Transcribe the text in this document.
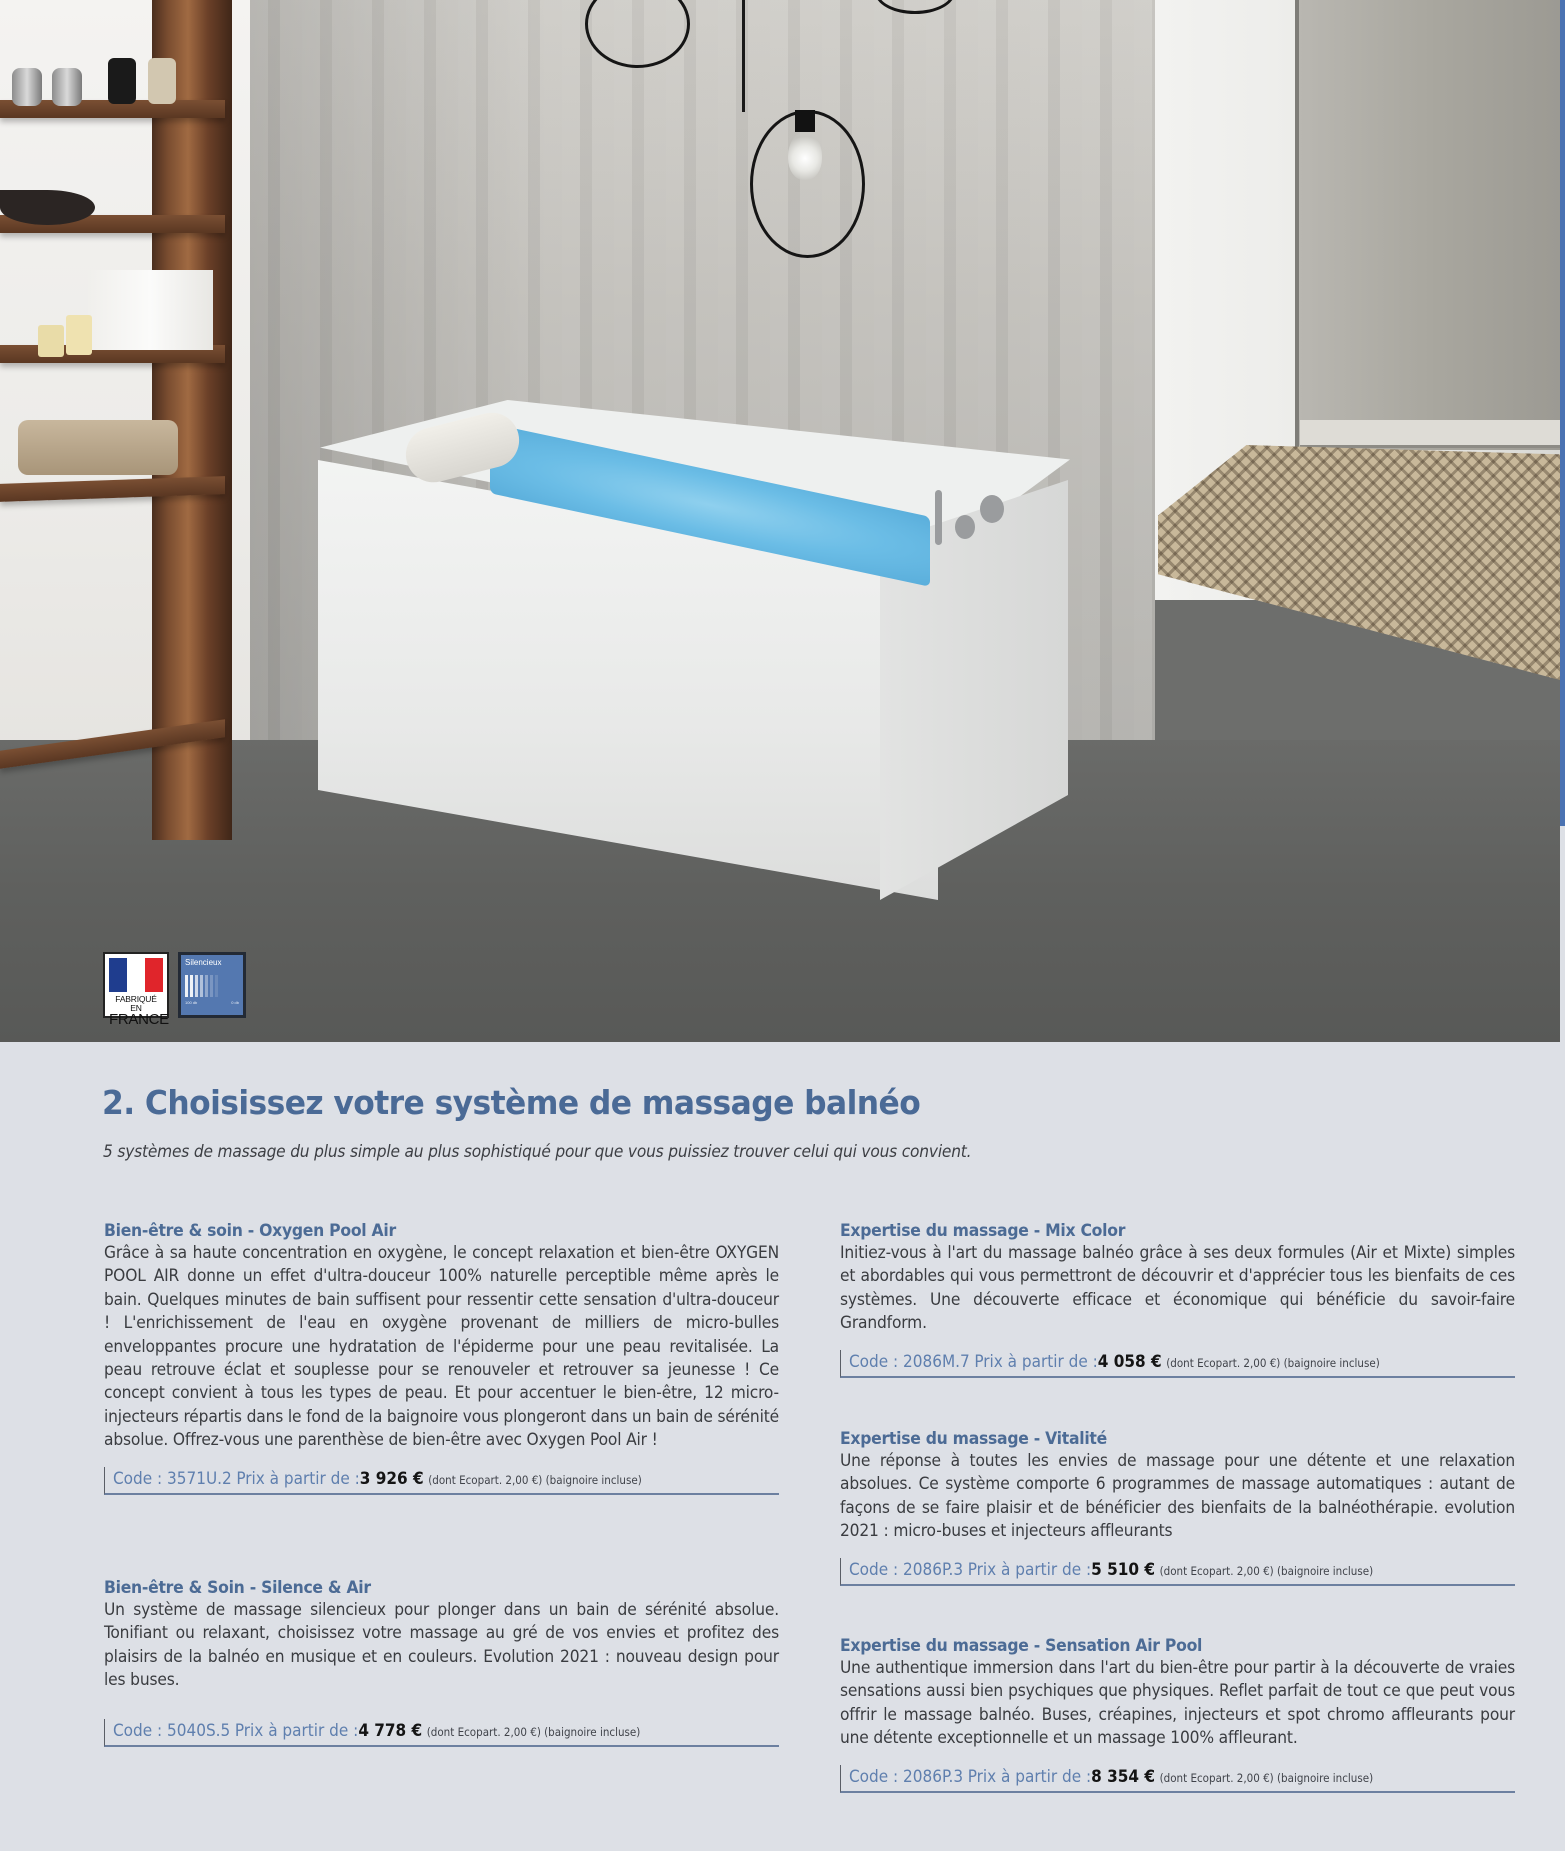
FABRIQUÉ EN
FRANCE
Silencieux
100 db	0 db
2. Choisissez votre système de massage balnéo

5 systèmes de massage du plus simple au plus sophistiqué pour que vous puissiez trouver celui qui vous convient.

Bien-être & soin - Oxygen Pool Air

Grâce à sa haute concentration en oxygène, le concept relaxation et bien-être OXYGEN POOL AIR donne un effet d'ultra-douceur 100% naturelle perceptible même après le bain. Quelques minutes de bain suffisent pour ressentir cette sensation d'ultra-douceur ! L'enrichissement de l'eau en oxygène provenant de milliers de micro-bulles enveloppantes procure une hydratation de l'épiderme pour une peau revitalisée. La peau retrouve éclat et souplesse pour se renouveler et retrouver sa jeunesse ! Ce concept convient à tous les types de peau. Et pour accentuer le bien-être, 12 micro-injecteurs répartis dans le fond de la baignoire vous plongeront dans un bain de sérénité absolue. Offrez-vous une parenthèse de bien-être avec Oxygen Pool Air !

Code : 3571U.2 Prix à partir de :3 926 € (dont Ecopart. 2,00 €) (baignoire incluse)
Bien-être & Soin - Silence & Air

Un système de massage silencieux pour plonger dans un bain de sérénité absolue. Tonifiant ou relaxant, choisissez votre massage au gré de vos envies et profitez des plaisirs de la balnéo en musique et en couleurs. Evolution 2021 : nouveau design pour les buses.

Code : 5040S.5 Prix à partir de :4 778 € (dont Ecopart. 2,00 €) (baignoire incluse)
Expertise du massage - Mix Color

Initiez-vous à l'art du massage balnéo grâce à ses deux formules (Air et Mixte) simples et abordables qui vous permettront de découvrir et d'apprécier tous les bienfaits de ces systèmes. Une découverte efficace et économique qui bénéficie du savoir-faire Grandform.

Code : 2086M.7 Prix à partir de :4 058 € (dont Ecopart. 2,00 €) (baignoire incluse)
Expertise du massage - Vitalité

Une réponse à toutes les envies de massage pour une détente et une relaxation absolues. Ce système comporte 6 programmes de massage automatiques : autant de façons de se faire plaisir et de bénéficier des bienfaits de la balnéothérapie. evolution 2021 : micro-buses et injecteurs affleurants

Code : 2086P.3 Prix à partir de :5 510 € (dont Ecopart. 2,00 €) (baignoire incluse)
Expertise du massage - Sensation Air Pool

Une authentique immersion dans l'art du bien-être pour partir à la découverte de vraies sensations aussi bien psychiques que physiques. Reflet parfait de tout ce que peut vous offrir le massage balnéo. Buses, créapines, injecteurs et spot chromo affleurants pour une détente exceptionnelle et un massage 100% affleurant.

Code : 2086P.3 Prix à partir de :8 354 € (dont Ecopart. 2,00 €) (baignoire incluse)
